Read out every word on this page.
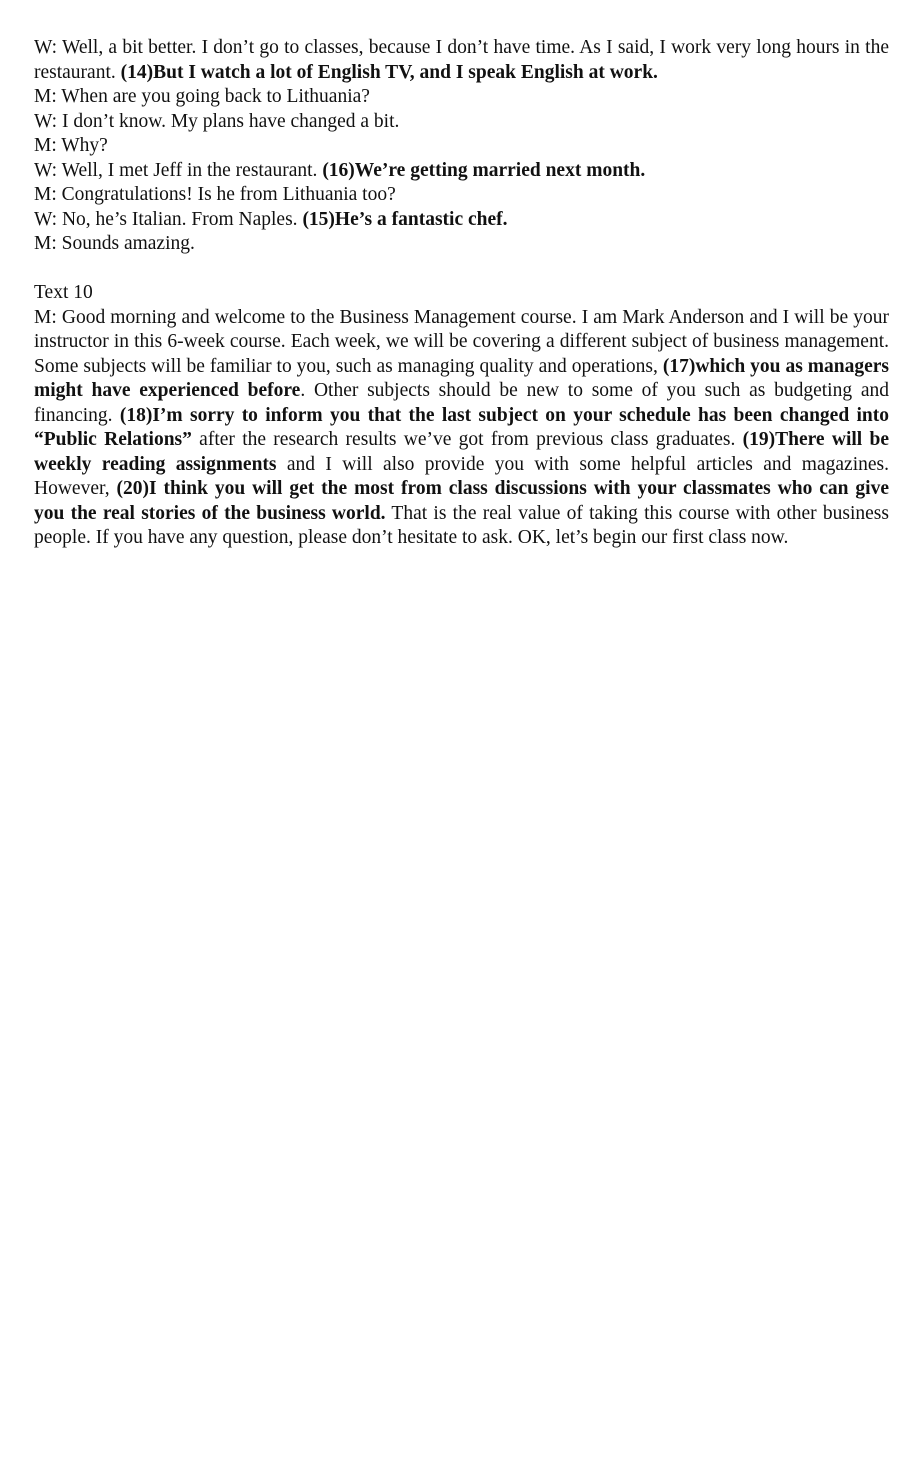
W: Well, a bit better. I don’t go to classes, because I don’t have time. As I said, I work very long hours in the restaurant. (14)But I watch a lot of English TV, and I speak English at work.

M: When are you going back to Lithuania?

W: I don’t know. My plans have changed a bit.

M: Why?

W: Well, I met Jeff in the restaurant. (16)We’re getting married next month.

M: Congratulations! Is he from Lithuania too?

W: No, he’s Italian. From Naples. (15)He’s a fantastic chef.

M: Sounds amazing.

Text 10

M: Good morning and welcome to the Business Management course. I am Mark Anderson and I will be your instructor in this 6-week course. Each week, we will be covering a different subject of business management. Some subjects will be familiar to you, such as managing quality and operations, (17)which you as managers might have experienced before. Other subjects should be new to some of you such as budgeting and financing. (18)I’m sorry to inform you that the last subject on your schedule has been changed into “Public Relations” after the research results we’ve got from previous class graduates. (19)There will be weekly reading assignments and I will also provide you with some helpful articles and magazines. However, (20)I think you will get the most from class discussions with your classmates who can give you the real stories of the business world. That is the real value of taking this course with other business people. If you have any question, please don’t hesitate to ask. OK, let’s begin our first class now.
